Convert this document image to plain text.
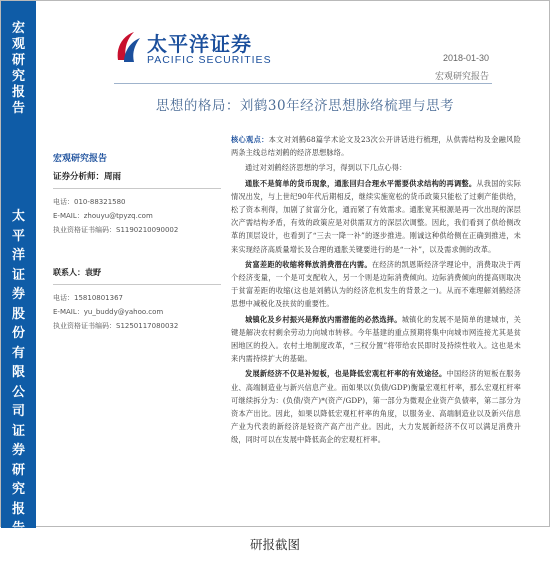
宏
观
研
究
报
告
太
平
洋
证
券
股
份
有
限
公
司
证
券
研
究
报
告
太平洋证券
PACIFIC SECURITIES	2018-01-30
宏观研究报告
思想的格局：刘鹤30年经济思想脉络梳理与思考
宏观研究报告
证券分析师：周雨
电话：010-88321580
E-MAIL：zhouyu@tpyzq.com
执业资格证书编码：S1190210090002
联系人：袁野
电话：15810801367
E-MAIL：yu_buddy@yahoo.com
执业资格证书编码：S1250117080032

核心观点：本文对刘鹤68篇学术论文及23次公开讲话进行梳理，从供需结构及金融风险两条主线总结刘鹤的经济思想脉络。

通过对刘鹤经济思想的学习，得到以下几点心得：

通胀不是简单的货币现象，通胀回归合理水平需要供求结构的再调整。从我国的实际情况出发，与上世纪90年代后期相反，继续实施宽松的货币政策只能松了过剩产能供给，松了资本利得，加剧了贫富分化，通而紧了有效需求。通胀宽其根源是再一次出现的深层次产需结构矛盾，有效的政策应是对供需双方的深层次调整。因此，我们看到了供给侧改革的顶层设计，也看到了“三去一降一补”的逐步推进。刚诚这种供给侧在正确到推进，未来实现经济高质量增长及合理的通胀关键要进行的是“一补”，以及需求侧的改革。

贫富差距的收缩将释放消费潜在内需。在经济的凯恩斯经济学理论中，消费取决于两个经济变量，一个是可支配收入，另一个则是边际消费倾向。边际消费倾向的提高则取决于贫富差距的收缩(这也是刘鹤认为的经济危机发生的背景之一)。从而不难理解刘鹤经济思想中减税化及扶贫的重要性。

城镇化及乡村振兴是释放内需潜能的必然选择。城镇化的发展不是简单的建城市，关键是解决农村剩余劳动力向城市转移。今年基建的重点预期将集中向城市网连接尤其是贫困地区的投入。农村土地制度改革，“三权分置”将带给农民即时及持续性收入。这也是未来内需持续扩大的基础。

发展新经济不仅是补短板，也是降低宏观杠杆率的有效途径。中国经济的短板在服务业、高端制造业与新兴信息产业。而如果以(负债/GDP)衡量宏观杠杆率，那么宏观杠杆率可继续拆分为：(负债/资产)*(资产/GDP)，第一部分为微观企业资产负债率，第二部分为资本产出比。因此，如果以降低宏观杠杆率的角度，以服务业、高端制造业以及新兴信息产业为代表的新经济是轻资产高产出产业。因此，大力发展新经济不仅可以满足消费升级，同时可以在发展中降低高企的宏观杠杆率。

研报截图
